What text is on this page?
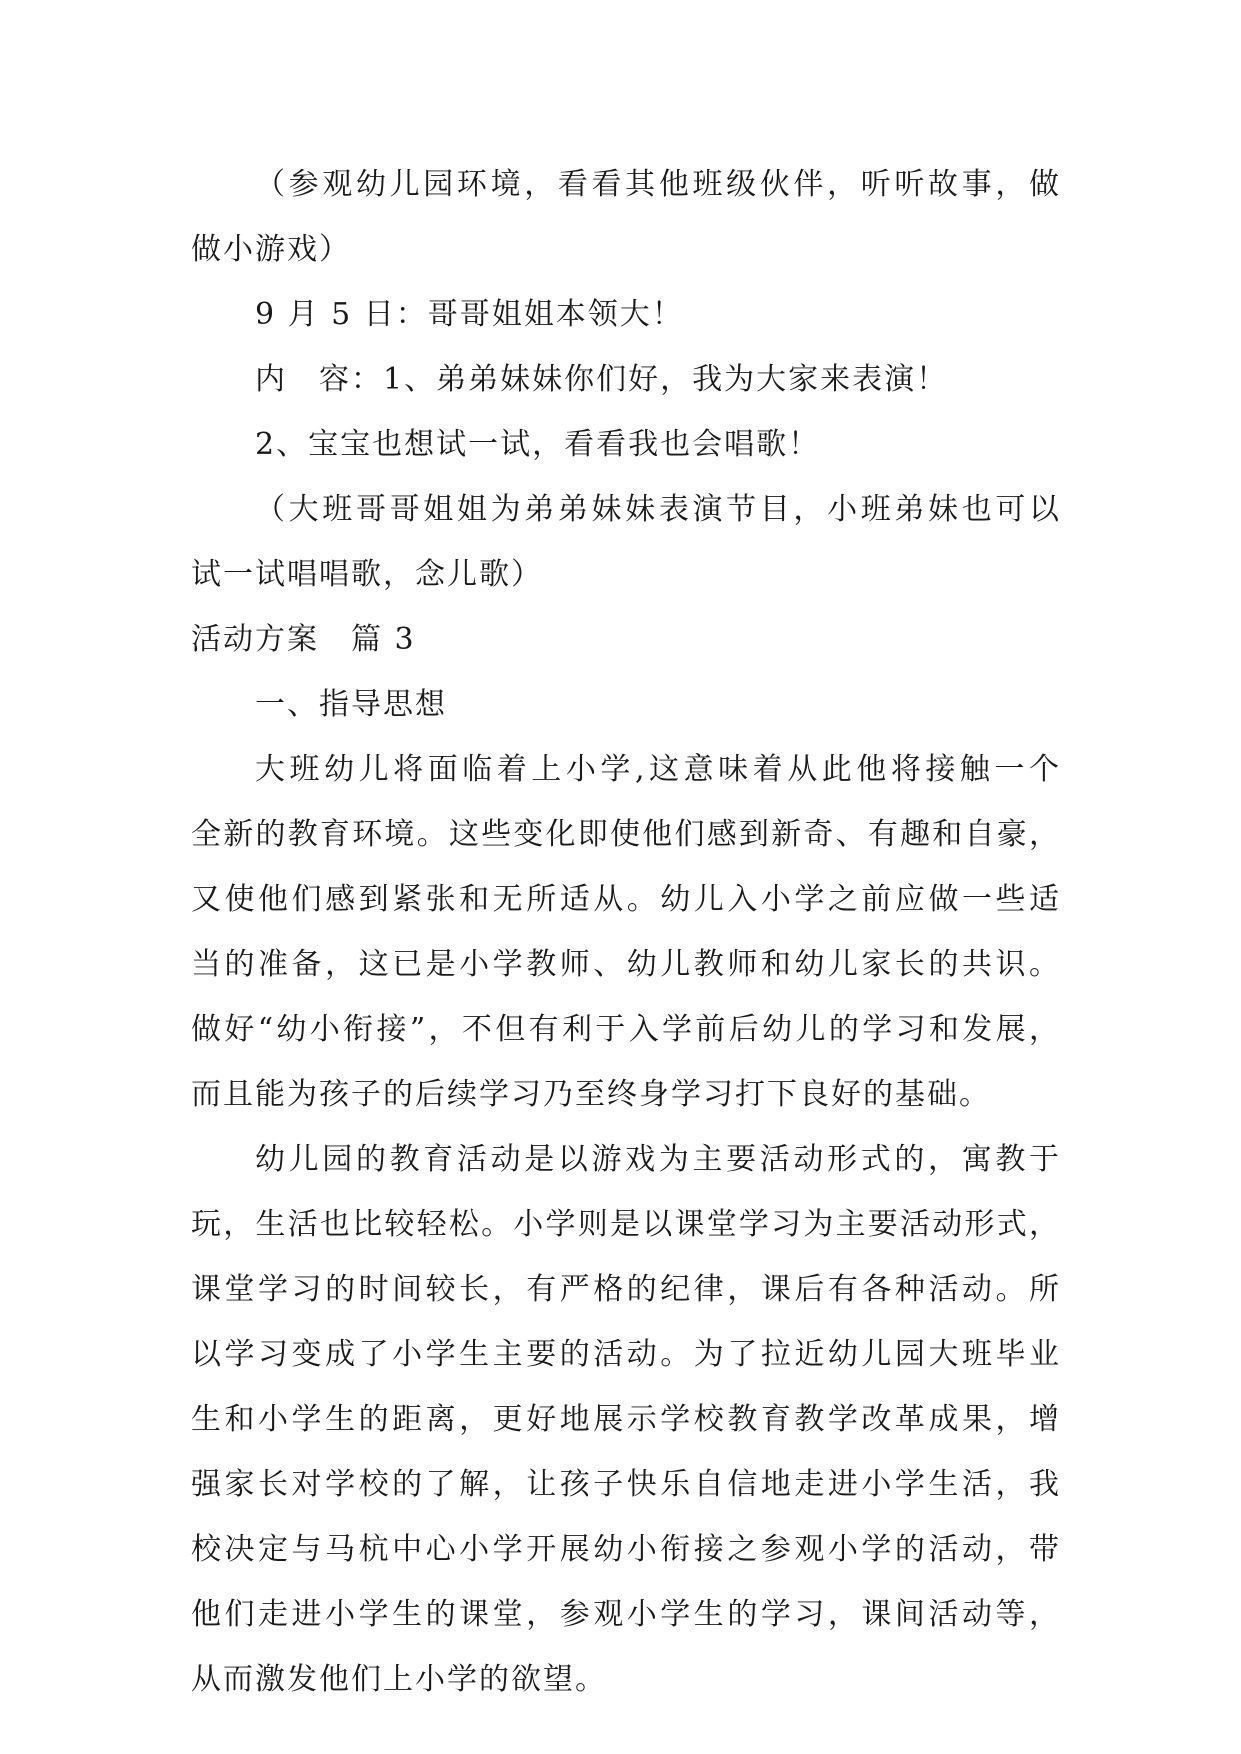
（参观幼儿园环境，看看其他班级伙伴，听听故事，做
做小游戏）
9 月 5 日：哥哥姐姐本领大！
内　容：1、弟弟妹妹你们好，我为大家来表演！
2、宝宝也想试一试，看看我也会唱歌！
（大班哥哥姐姐为弟弟妹妹表演节目，小班弟妹也可以
试一试唱唱歌，念儿歌）
活动方案　篇 3
一、指导思想
大班幼儿将面临着上小学,这意味着从此他将接触一个
全新的教育环境。这些变化即使他们感到新奇、有趣和自豪，
又使他们感到紧张和无所适从。幼儿入小学之前应做一些适
当的准备，这已是小学教师、幼儿教师和幼儿家长的共识。
做好“幼小衔接”，不但有利于入学前后幼儿的学习和发展，
而且能为孩子的后续学习乃至终身学习打下良好的基础。
幼儿园的教育活动是以游戏为主要活动形式的，寓教于
玩，生活也比较轻松。小学则是以课堂学习为主要活动形式，
课堂学习的时间较长，有严格的纪律，课后有各种活动。所
以学习变成了小学生主要的活动。为了拉近幼儿园大班毕业
生和小学生的距离，更好地展示学校教育教学改革成果，增
强家长对学校的了解，让孩子快乐自信地走进小学生活，我
校决定与马杭中心小学开展幼小衔接之参观小学的活动，带
他们走进小学生的课堂，参观小学生的学习，课间活动等，
从而激发他们上小学的欲望。
